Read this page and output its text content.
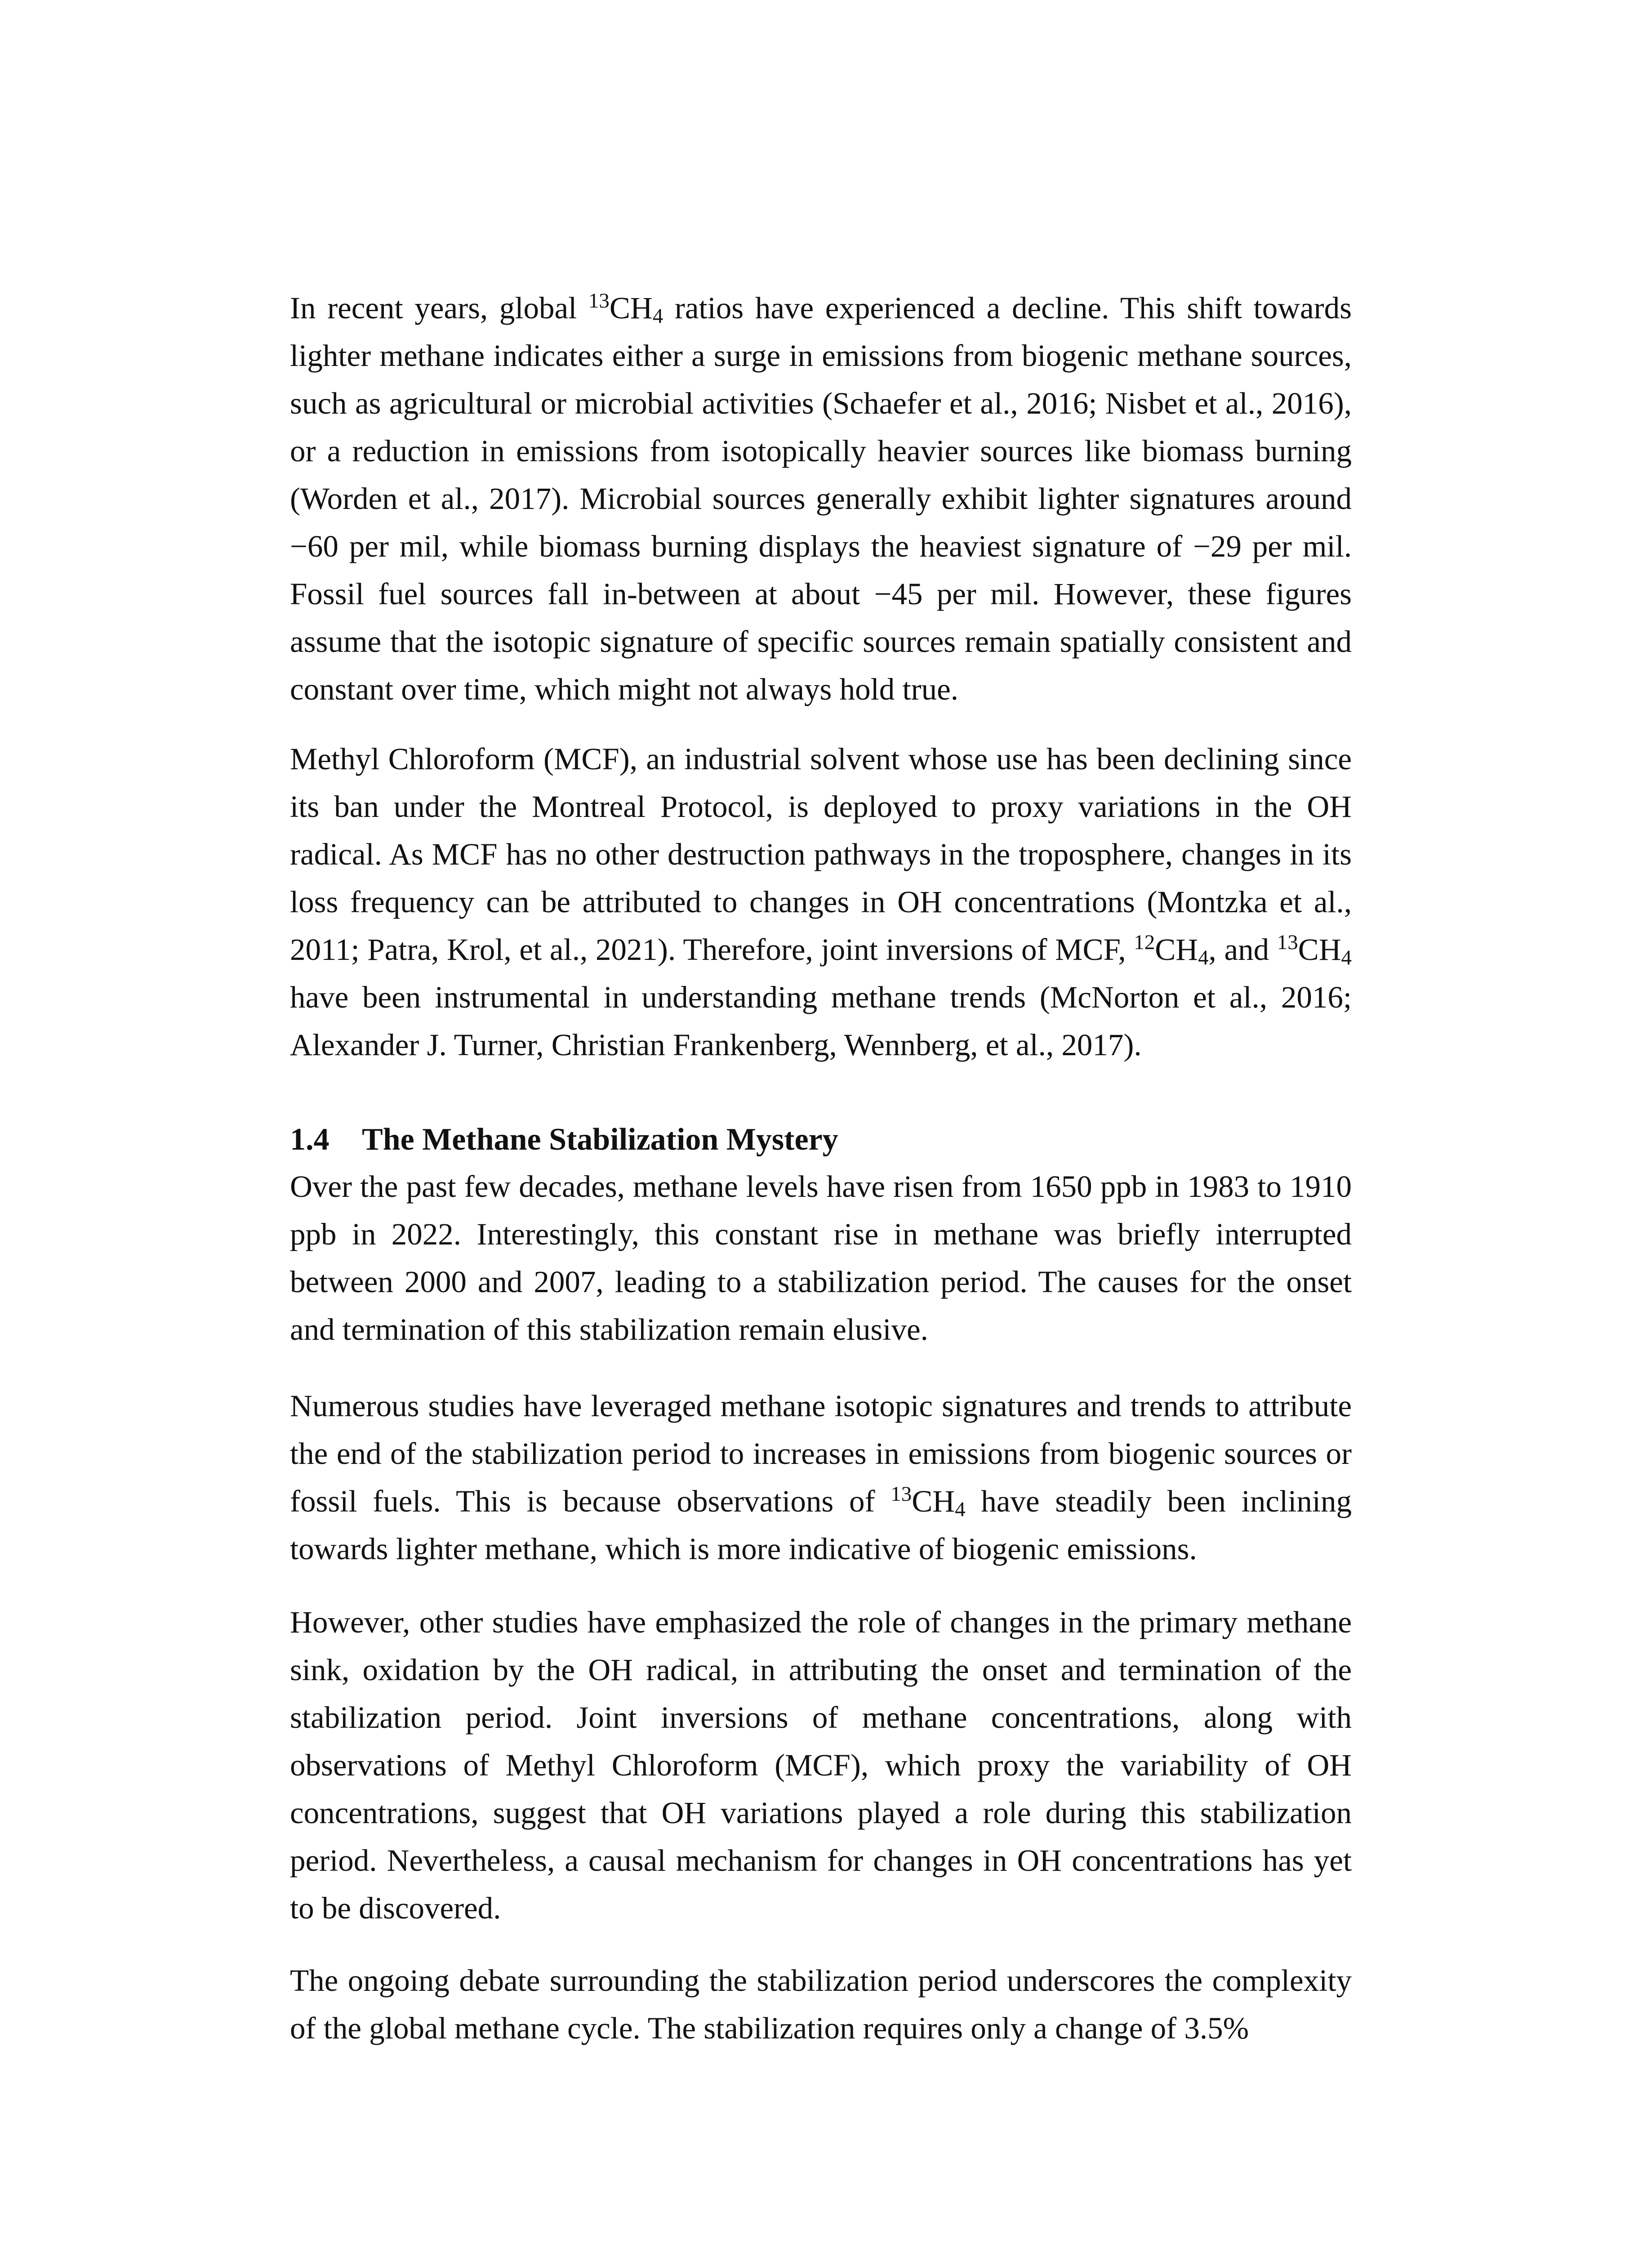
In recent years, global $^{13}CH_4$ ratios have experienced a decline. This shift towards lighter methane indicates either a surge in emissions from biogenic methane sources, such as agricultural or microbial activities (Schaefer et al., 2016; Nisbet et al., 2016), or a reduction in emissions from isotopically heavier sources like biomass burning (Worden et al., 2017). Microbial sources generally exhibit lighter signatures around −60 per mil, while biomass burning displays the heaviest signature of −29 per mil. Fossil fuel sources fall in-between at about −45 per mil. However, these figures assume that the isotopic signature of specific sources remain spatially consistent and constant over time, which might not always hold true.

Methyl Chloroform (MCF), an industrial solvent whose use has been declining since its ban under the Montreal Protocol, is deployed to proxy variations in the OH radical. As MCF has no other destruction pathways in the troposphere, changes in its loss frequency can be attributed to changes in OH concentrations (Montzka et al., 2011; Patra, Krol, et al., 2021). Therefore, joint inversions of MCF, $^{12}CH_4$, and $^{13}CH_4$ have been instrumental in understanding methane trends (McNorton et al., 2016; Alexander J. Turner, Christian Frankenberg, Wennberg, et al., 2017).

1.4 The Methane Stabilization Mystery

Over the past few decades, methane levels have risen from 1650 ppb in 1983 to 1910 ppb in 2022. Interestingly, this constant rise in methane was briefly interrupted between 2000 and 2007, leading to a stabilization period. The causes for the onset and termination of this stabilization remain elusive.

Numerous studies have leveraged methane isotopic signatures and trends to attribute the end of the stabilization period to increases in emissions from biogenic sources or fossil fuels. This is because observations of $^{13}CH_4$ have steadily been inclining towards lighter methane, which is more indicative of biogenic emissions.

However, other studies have emphasized the role of changes in the primary methane sink, oxidation by the OH radical, in attributing the onset and termination of the stabilization period. Joint inversions of methane concentrations, along with observations of Methyl Chloroform (MCF), which proxy the variability of OH concentrations, suggest that OH variations played a role during this stabilization period. Nevertheless, a causal mechanism for changes in OH concentrations has yet to be discovered.

The ongoing debate surrounding the stabilization period underscores the complexity of the global methane cycle. The stabilization requires only a change of 3.5%
